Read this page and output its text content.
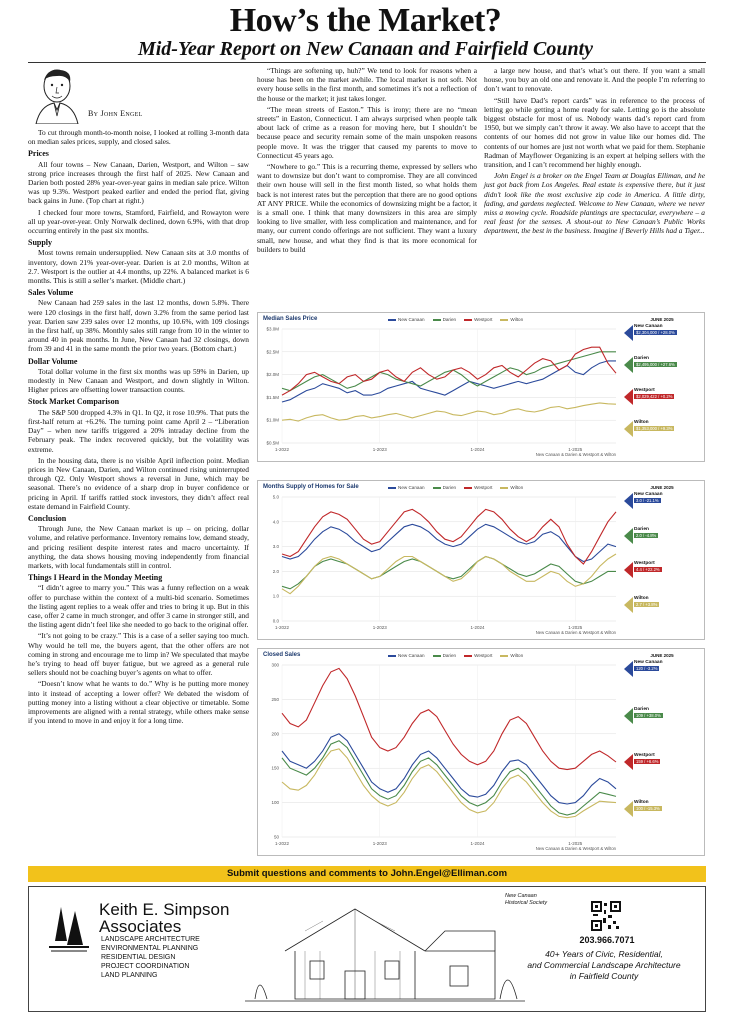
How’s the Market?
Mid-Year Report on New Canaan and Fairfield County
By John Engel

To cut through month-to-month noise, I looked at rolling 3-month data on median sales prices, supply, and closed sales.

Prices

All four towns – New Canaan, Darien, Westport, and Wilton – saw strong price increases through the first half of 2025. New Canaan and Darien both posted 28% year-over-year gains in median sale price. Wilton was up 9.3%. Westport peaked earlier and ended the period flat, giving back gains in June. (Top chart at right.)

I checked four more towns, Stamford, Fairfield, and Rowayton were all up year-over-year. Only Norwalk declined, down 6.9%, with that drop occurring entirely in the past six months.

Supply

Most towns remain undersupplied. New Canaan sits at 3.0 months of inventory, down 21% year-over-year. Darien is at 2.0 months, Wilton at 2.7. Westport is the outlier at 4.4 months, up 22%. A balanced market is 6 months. This is still a seller’s market. (Middle chart.)

Sales Volume

New Canaan had 259 sales in the last 12 months, down 5.8%. There were 120 closings in the first half, down 3.2% from the same period last year. Darien saw 239 sales over 12 months, up 10.6%, with 109 closings in the first half, up 38%. Monthly sales still range from 10 in the winter to around 40 in peak months. In June, New Canaan had 32 closings, down from 39 and 41 in the same month the prior two years. (Bottom chart.)

Dollar Volume

Total dollar volume in the first six months was up 59% in Darien, up modestly in New Canaan and Westport, and down slightly in Wilton. Higher prices are offsetting lower transaction counts.

Stock Market Comparison

The S&P 500 dropped 4.3% in Q1. In Q2, it rose 10.9%. That puts the first-half return at +6.2%. The turning point came April 2 – “Liberation Day” – when new tariffs triggered a 20% intraday decline from the February peak. The index recovered quickly, but the volatility was extreme.

In the housing data, there is no visible April inflection point. Median prices in New Canaan, Darien, and Wilton continued rising uninterrupted through Q2. Only Westport shows a reversal in June, which may be seasonal. There’s no evidence of a sharp drop in buyer confidence or pricing in April. If tariffs rattled stock investors, they didn’t affect real estate demand in Fairfield County.

Conclusion

Through June, the New Canaan market is up – on pricing, dollar volume, and relative performance. Inventory remains low, demand steady, and pricing resilient despite interest rates and macro uncertainty. If anything, the data shows housing moving independently from financial markets, with local fundamentals still in control.

Things I Heard in the Monday Meeting

“I didn’t agree to marry you.” This was a funny reflection on a weak offer to purchase within the context of a multi-bid scenario. Sometimes the listing agent replies to a weak offer and tries to bring it up. But in this case, offer 2 came in much stronger, and offer 3 came in stronger still, and the listing agent didn’t feel like she needed to go back to the original offer.

“It’s not going to be crazy.” This is a case of a seller saying too much. Why would he tell me, the buyers agent, that the other offers are not coming in strong and encourage me to limp in? We speculated that maybe he’s trying to head off buyer fatigue, but we agreed as a general rule sellers should not be coaching buyer’s agents on what to offer.

“Doesn’t know what he wants to do.” Why is he putting more money into it instead of accepting a lower offer? We debated the wisdom of putting money into a listing without a clear objective or timetable. Some improvements are aligned with a rental strategy, while others make sense if you intend to move in and enjoy it for a long time.

“Things are softening up, huh?” We tend to look for reasons when a house has been on the market awhile. The local market is not soft. Not every house sells in the first month, and sometimes it’s not a reflection of the house or the market; it just takes longer.

“The mean streets of Easton.” This is irony; there are no “mean streets” in Easton, Connecticut. I am always surprised when people talk about lack of crime as a reason for moving here, but I shouldn’t be because peace and security remain some of the main unspoken reasons people move. It was the trigger that caused my parents to move to Connecticut 45 years ago.

“Nowhere to go.” This is a recurring theme, expressed by sellers who want to downsize but don’t want to compromise. They are all convinced their own house will sell in the first month listed, so what holds them back is not interest rates but the perception that there are no good options AT ANY PRICE. While the economics of downsizing might be a factor, it is a small one. I think that many downsizers in this area are simply looking to live smaller, with less complication and maintenance, and for many, our current condo offerings are not sufficient. They want a luxury small, new house, and what they find is that its more economical for builders to build

a large new house, and that’s what’s out there. If you want a small house, you buy an old one and renovate it. And the people I’m referring to don’t want to renovate.

“Still have Dad’s report cards” was in reference to the process of letting go while getting a home ready for sale. Letting go is the absolute biggest obstacle for most of us. Nobody wants dad’s report card from 1950, but we simply can’t throw it away. We also have to accept that the contents of our homes did not grow in value like our homes did. The contents of our homes are just not worth what we paid for them. Stephanie Radman of Mayflower Organizing is an expert at helping sellers with the transition, and I can’t recommend her highly enough.

John Engel is a broker on the Engel Team at Douglas Elliman, and he just got back from Los Angeles. Real estate is expensive there, but it just didn’t look like the most exclusive zip code in America. A little dirty, fading, and gardens neglected. Welcome to New Canaan, where we never miss a mowing cycle. Roadside plantings are spectacular, everywhere – a real feast for the senses. A shout-out to New Canaan’s Public Works department, the best in the business. Imagine if Beverly Hills had a Tiger...

Median Sales Price	New Canaan	Darien	Westport	Wilton
$0.5M
$1.0M
$1.5M
$2.0M
$2.5M
$3.0M
1-2022	1-2023	1-2024	1-2025
New Canaan & Darien & Westport & Wilton
JUNE 2025
New Canaan
$2,304,000 / +28.0%
Darien
$2,495,000 / +27.6%
Westport
$2,029,422 / +0.2%
Wilton
$1,353,000 / +9.3%
Months Supply of Homes for Sale	New Canaan	Darien	Westport	Wilton
0.0
1.0
2.0
3.0
4.0
5.0
1-2022	1-2023	1-2024	1-2025
New Canaan & Darien & Westport & Wilton
JUNE 2025
New Canaan
3.0 / -21.1%
Darien
2.0 / -4.8%
Westport
4.4 / +22.2%
Wilton
2.7 / +3.8%
Closed Sales	New Canaan	Darien	Westport	Wilton
50
100
150
200
250
300
1-2022	1-2023	1-2024	1-2025
New Canaan & Darien & Westport & Wilton
JUNE 2025
New Canaan
120 / -3.2%
Darien
109 / +38.0%
Westport
159 / +6.6%
Wilton
100 / -15.3%
Submit questions and comments to John.Engel@Elliman.com
Keith E. Simpson
Associates
LANDSCAPE ARCHITECTURE
ENVIRONMENTAL PLANNING
RESIDENTIAL DESIGN
PROJECT COORDINATION
LAND PLANNING
New Canaan
Historical Society
203.966.7071
40+ Years of Civic, Residential,
and Commercial Landscape Architecture
in Fairfield County
